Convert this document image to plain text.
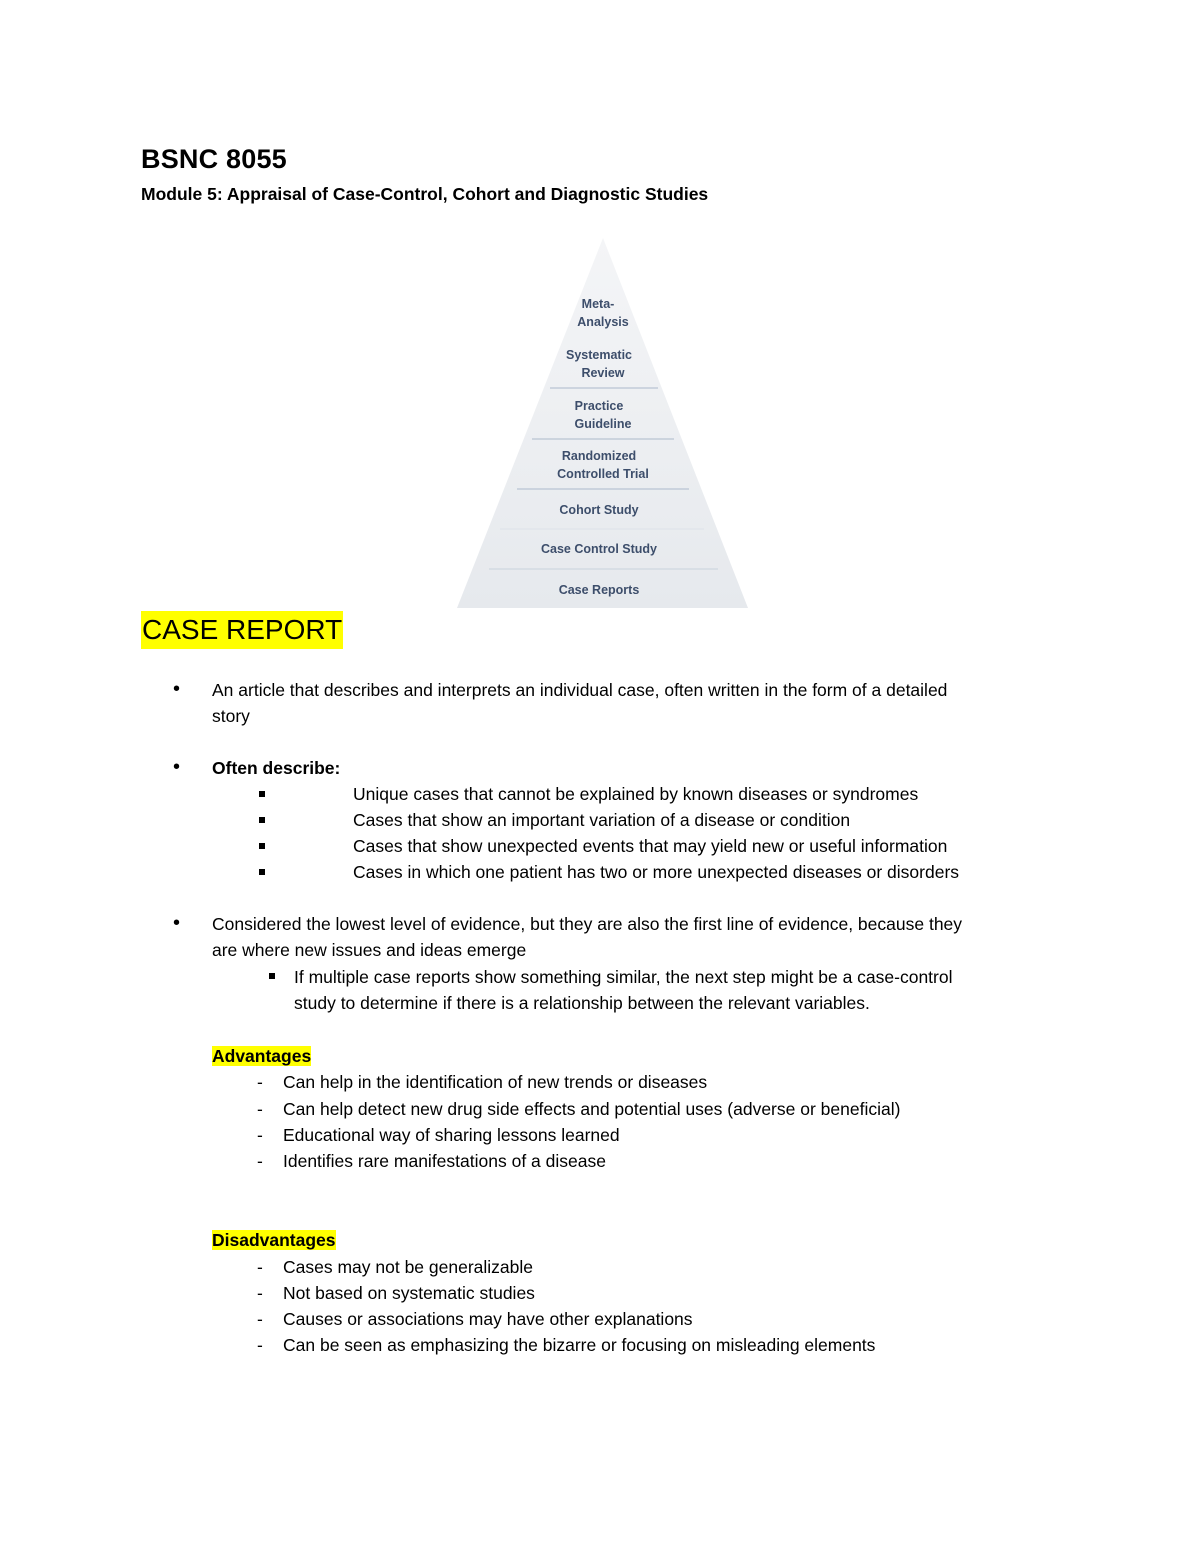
BSNC 8055
Module 5: Appraisal of Case-Control, Cohort and Diagnostic Studies
Meta-
Analysis
Systematic
Review
Practice
Guideline
Randomized
Controlled Trial
Cohort Study
Case Control Study
Case Reports
CASE REPORT
• An article that describes and interprets an individual case, often written in the form of a detailed
story
• Often describe:
Unique cases that cannot be explained by known diseases or syndromes
Cases that show an important variation of a disease or condition
Cases that show unexpected events that may yield new or useful information
Cases in which one patient has two or more unexpected diseases or disorders
• Considered the lowest level of evidence, but they are also the first line of evidence, because they
are where new issues and ideas emerge
If multiple case reports show something similar, the next step might be a case-control
study to determine if there is a relationship between the relevant variables.
Advantages
- Can help in the identification of new trends or diseases
- Can help detect new drug side effects and potential uses (adverse or beneficial)
- Educational way of sharing lessons learned
- Identifies rare manifestations of a disease
Disadvantages
- Cases may not be generalizable
- Not based on systematic studies
- Causes or associations may have other explanations
- Can be seen as emphasizing the bizarre or focusing on misleading elements
